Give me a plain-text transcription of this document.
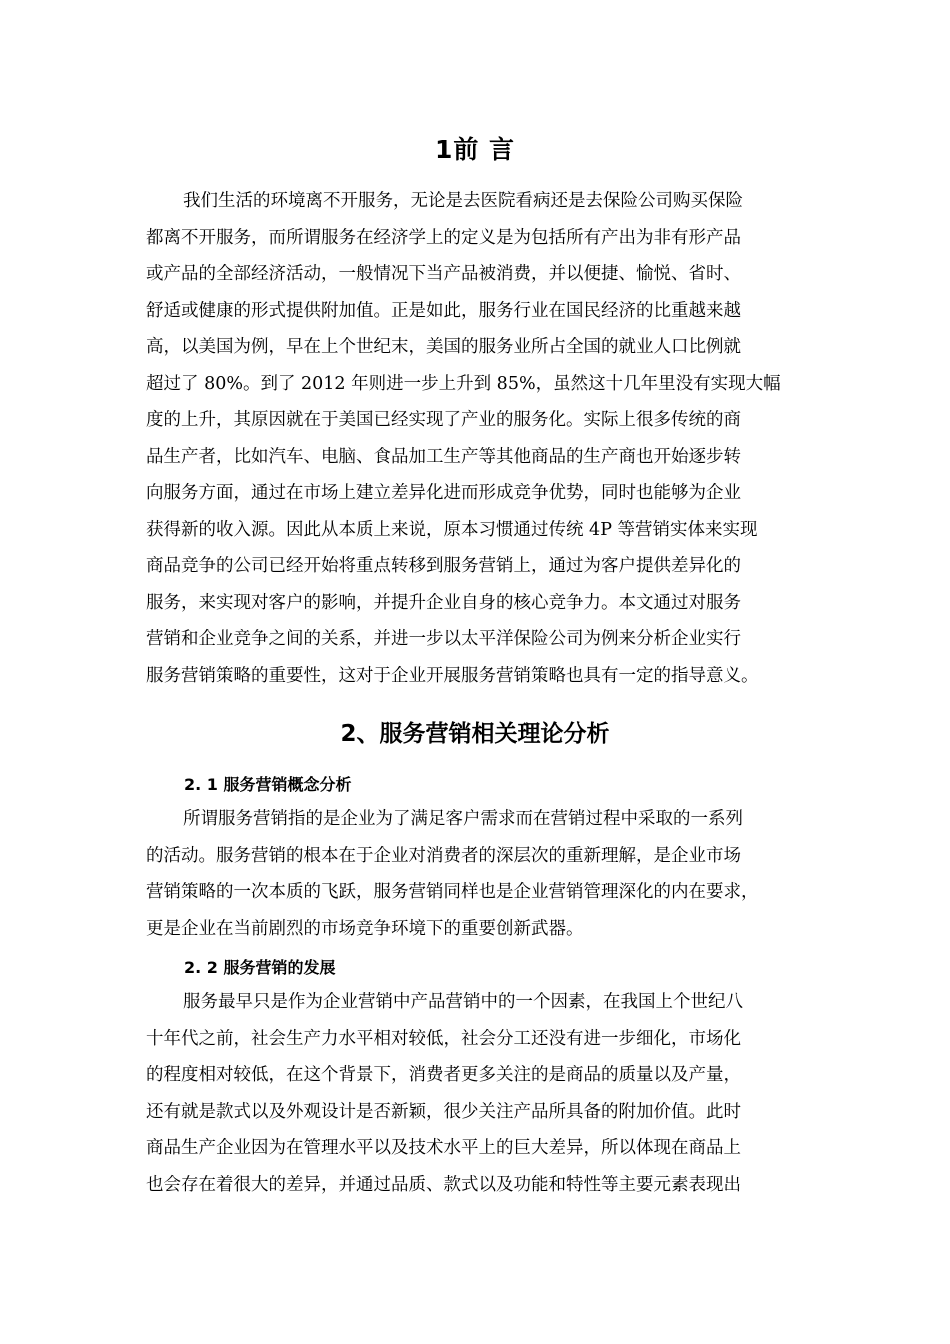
1前 言
我们生活的环境离不开服务，无论是去医院看病还是去保险公司购买保险
都离不开服务，而所谓服务在经济学上的定义是为包括所有产出为非有形产品
或产品的全部经济活动，一般情况下当产品被消费，并以便捷、愉悦、省时、
舒适或健康的形式提供附加值。正是如此，服务行业在国民经济的比重越来越
高，以美国为例，早在上个世纪末，美国的服务业所占全国的就业人口比例就
超过了 80%。到了 2012 年则进一步上升到 85%，虽然这十几年里没有实现大幅
度的上升，其原因就在于美国已经实现了产业的服务化。实际上很多传统的商
品生产者，比如汽车、电脑、食品加工生产等其他商品的生产商也开始逐步转
向服务方面，通过在市场上建立差异化进而形成竞争优势，同时也能够为企业
获得新的收入源。因此从本质上来说，原本习惯通过传统 4P 等营销实体来实现
商品竞争的公司已经开始将重点转移到服务营销上，通过为客户提供差异化的
服务，来实现对客户的影响，并提升企业自身的核心竞争力。本文通过对服务
营销和企业竞争之间的关系，并进一步以太平洋保险公司为例来分析企业实行
服务营销策略的重要性，这对于企业开展服务营销策略也具有一定的指导意义。
2、服务营销相关理论分析
2. 1 服务营销概念分析
所谓服务营销指的是企业为了满足客户需求而在营销过程中采取的一系列
的活动。服务营销的根本在于企业对消费者的深层次的重新理解，是企业市场
营销策略的一次本质的飞跃，服务营销同样也是企业营销管理深化的内在要求，
更是企业在当前剧烈的市场竞争环境下的重要创新武器。
2. 2 服务营销的发展
服务最早只是作为企业营销中产品营销中的一个因素，在我国上个世纪八
十年代之前，社会生产力水平相对较低，社会分工还没有进一步细化，市场化
的程度相对较低，在这个背景下，消费者更多关注的是商品的质量以及产量，
还有就是款式以及外观设计是否新颖，很少关注产品所具备的附加价值。此时
商品生产企业因为在管理水平以及技术水平上的巨大差异，所以体现在商品上
也会存在着很大的差异，并通过品质、款式以及功能和特性等主要元素表现出
